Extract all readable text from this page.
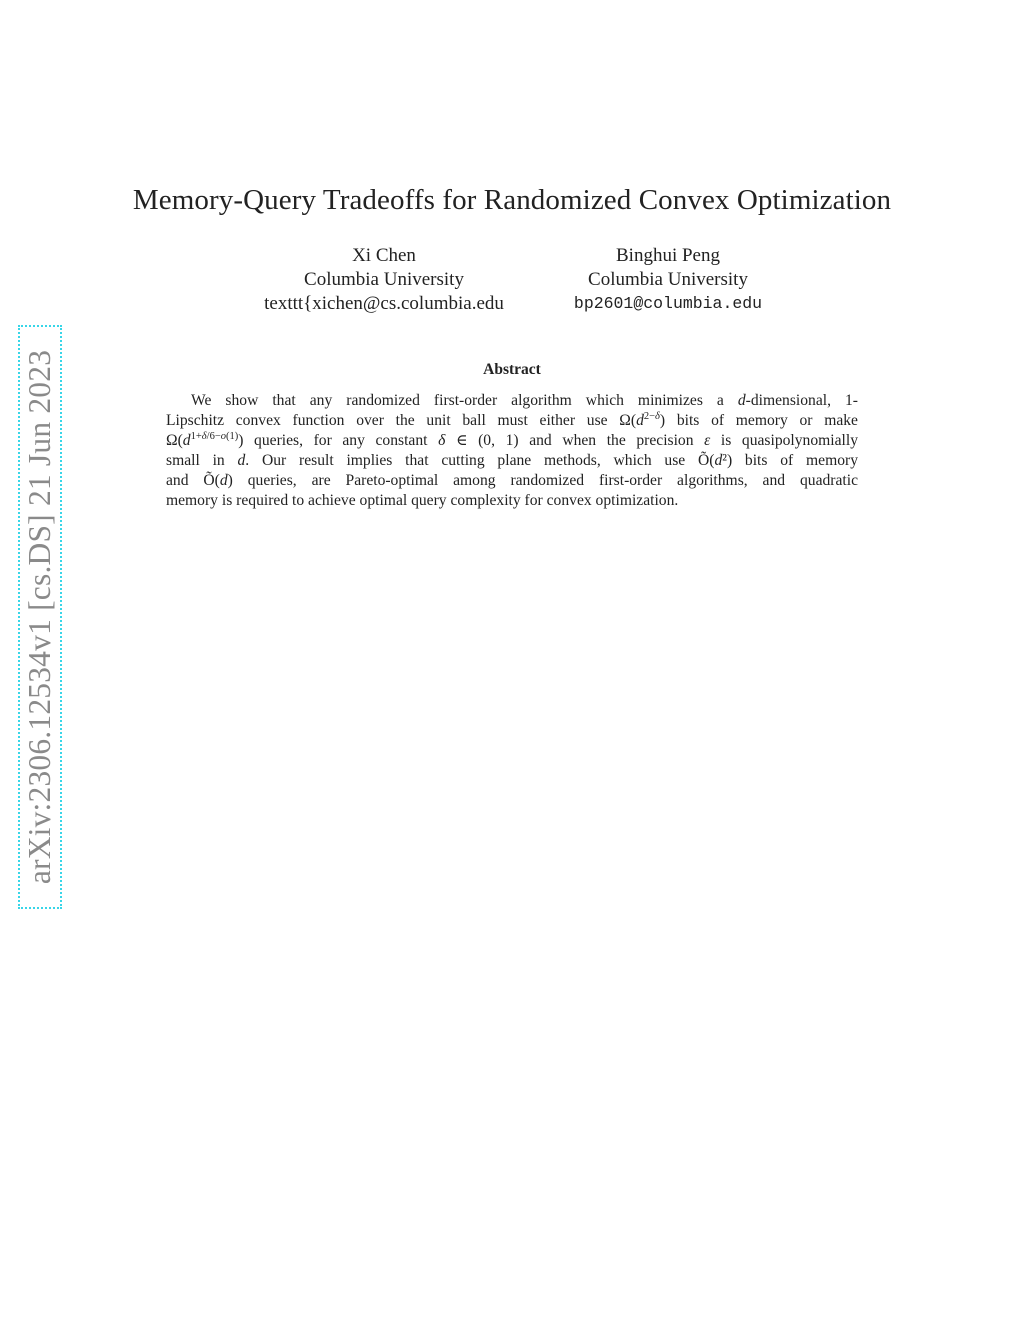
arXiv:2306.12534v1 [cs.DS] 21 Jun 2023
Memory-Query Tradeoffs for Randomized Convex Optimization
Xi Chen
Columbia University
texttt{xichen@cs.columbia.edu
Binghui Peng
Columbia University
bp2601@columbia.edu
Abstract
We show that any randomized first-order algorithm which minimizes a d-dimensional, 1-
Lipschitz convex function over the unit ball must either use $\Omega(d^{2-\delta})$ bits of memory or make
$\Omega(d^{1+\delta/6-o(1)})$ queries, for any constant δ ∈ (0, 1) and when the precision ε is quasipolynomially
small in d. Our result implies that cutting plane methods, which use Õ(d²) bits of memory
and Õ(d) queries, are Pareto-optimal among randomized first-order algorithms, and quadratic
memory is required to achieve optimal query complexity for convex optimization.
